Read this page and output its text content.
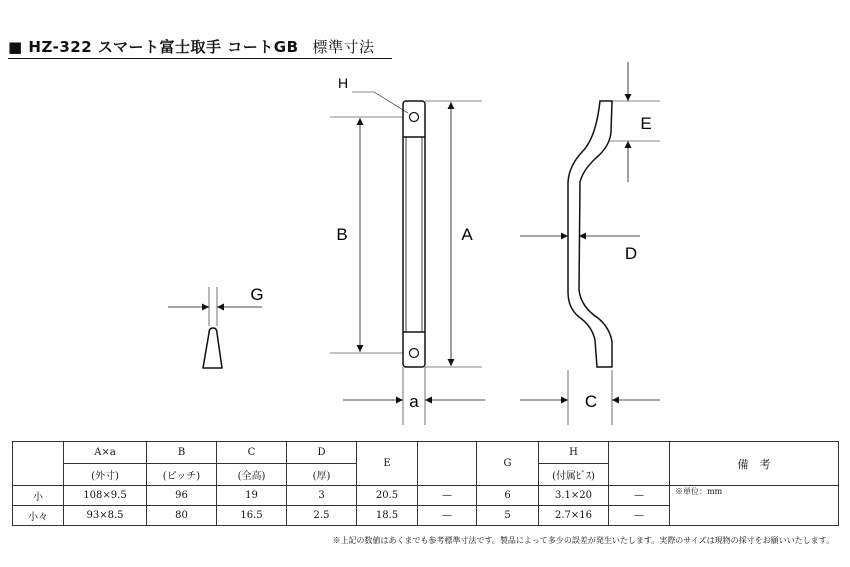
■ HZ-322 スマート富士取手 コートGB 標準寸法
H
B	A
a
E
D
C
G
	A×a	B	C	D	E		G	H		備　考
	(外寸)	(ピッチ)	(全高)	(厚)				(付属ﾋﾞｽ)		
小	108×9.5	96	19	3	20.5	—	6	3.1×20	—	※単位：mm
小々	93×8.5	80	16.5	2.5	18.5	—	5	2.7×16	—	
※上記の数値はあくまでも参考標準寸法です。製品によって多少の誤差が発生いたします。実際のサイズは現物の採寸をお願いいたします。
